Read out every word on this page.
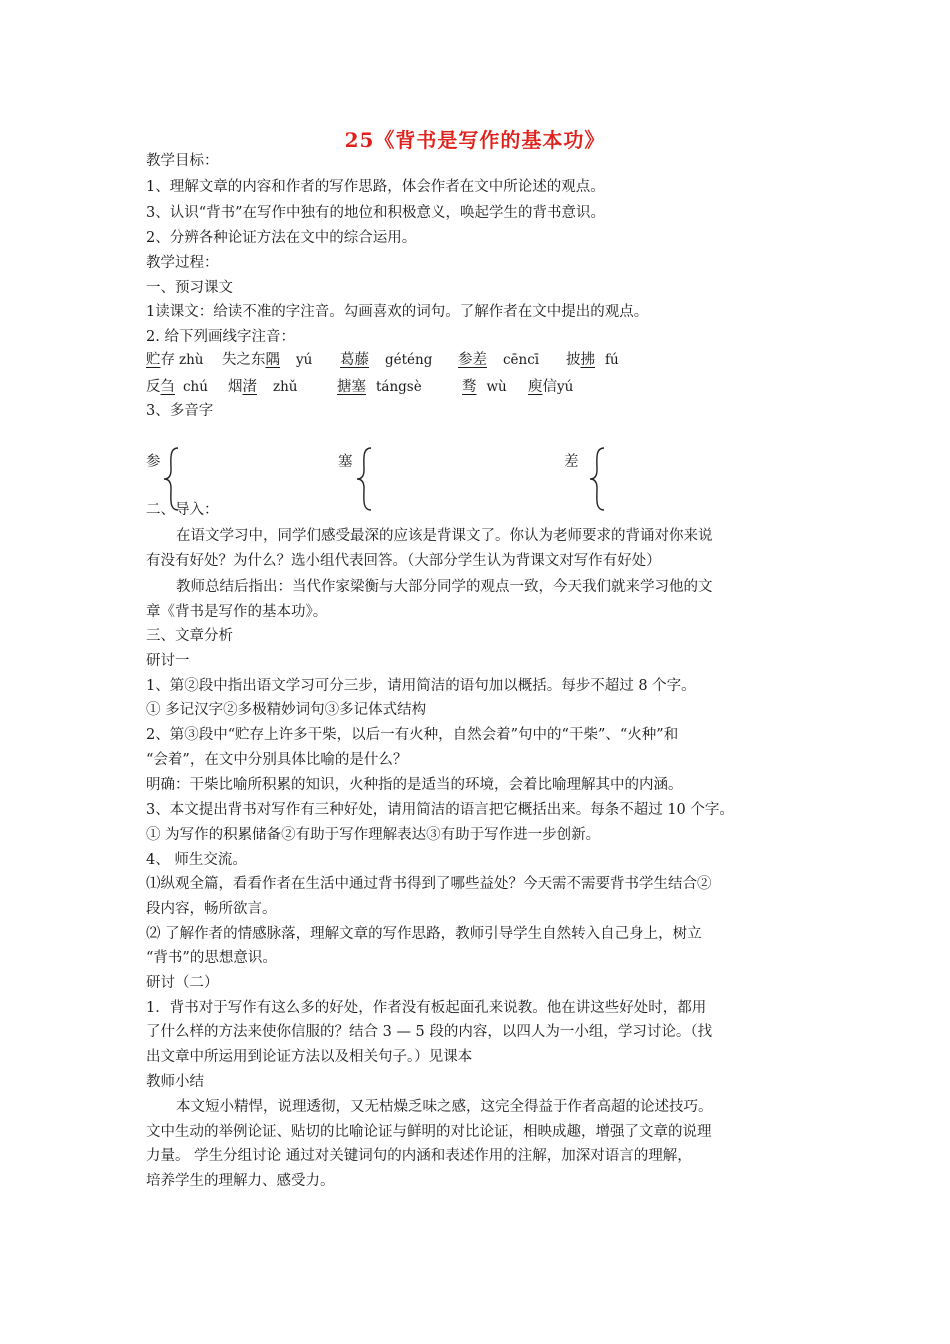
25《背书是写作的基本功》
教学目标：
1、理解文章的内容和作者的写作思路，体会作者在文中所论述的观点。
3、认识“背书”在写作中独有的地位和积极意义，唤起学生的背书意识。
2、分辨各种论证方法在文中的综合运用。
教学过程：
一、预习课文
1读课文：给读不准的字注音。勾画喜欢的词句。了解作者在文中提出的观点。
2. 给下列画线字注音：
贮存 zhù 失之东隅 yú 葛藤 géténg 参差 cēncī 披拂 fú
反刍 chú 烟渚 zhǔ	搪塞 tángsè	骛 wù 庾信yú
3、多音字
参	塞	差
二、导入：
在语文学习中，同学们感受最深的应该是背课文了。你认为老师要求的背诵对你来说
有没有好处？为什么？选小组代表回答。（大部分学生认为背课文对写作有好处）
教师总结后指出：当代作家梁衡与大部分同学的观点一致，今天我们就来学习他的文
章《背书是写作的基本功》。
三、文章分析
研讨一
1、第②段中指出语文学习可分三步，请用简洁的语句加以概括。每步不超过 8 个字。
① 多记汉字②多极精妙词句③多记体式结构
2、第③段中“贮存上许多干柴，以后一有火种，自然会着”句中的“干柴”、“火种”和
“会着”，在文中分别具体比喻的是什么？
明确：干柴比喻所积累的知识，火种指的是适当的环境，会着比喻理解其中的内涵。
3、本文提出背书对写作有三种好处，请用简洁的语言把它概括出来。每条不超过 10 个字。
① 为写作的积累储备②有助于写作理解表达③有助于写作进一步创新。
4、 师生交流。
⑴纵观全篇，看看作者在生活中通过背书得到了哪些益处？今天需不需要背书学生结合②
段内容，畅所欲言。
⑵ 了解作者的情感脉落，理解文章的写作思路，教师引导学生自然转入自己身上，树立
“背书”的思想意识。
研讨（二）
1．背书对于写作有这么多的好处，作者没有板起面孔来说教。他在讲这些好处时，都用
了什么样的方法来使你信服的？结合 3 — 5 段的内容，以四人为一小组，学习讨论。（找
出文章中所运用到论证方法以及相关句子。）见课本
教师小结
本文短小精悍，说理透彻，又无枯燥乏味之感，这完全得益于作者高超的论述技巧。
文中生动的举例论证、贴切的比喻论证与鲜明的对比论证，相映成趣，增强了文章的说理
力量。 学生分组讨论 通过对关键词句的内涵和表述作用的注解，加深对语言的理解，
培养学生的理解力、感受力。
